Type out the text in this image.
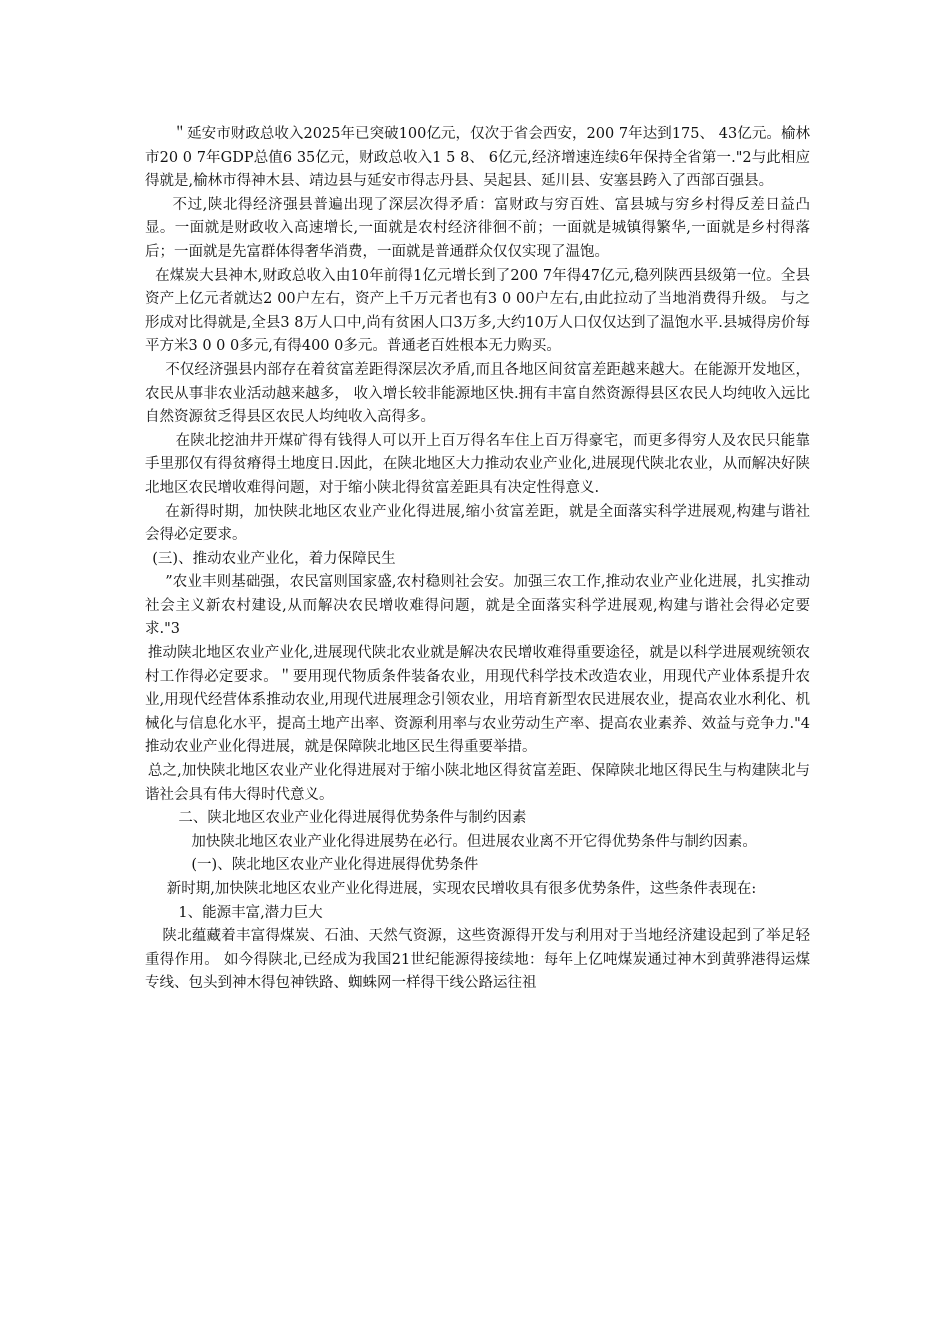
＂延安市财政总收入2025年已突破100亿元，仅次于省会西安，200 7年达到175、 43亿元。榆林市20 0 7年GDP总值6 35亿元，财政总收入1 5 8、 6亿元,经济增速连续6年保持全省第一."2与此相应得就是,榆林市得神木县、靖边县与延安市得志丹县、吴起县、延川县、安塞县跨入了西部百强县。

不过,陕北得经济强县普遍出现了深层次得矛盾：富财政与穷百姓、富县城与穷乡村得反差日益凸显。一面就是财政收入高速增长,一面就是农村经济徘徊不前；一面就是城镇得繁华,一面就是乡村得落后；一面就是先富群体得奢华消费，一面就是普通群众仅仅实现了温饱。

在煤炭大县神木,财政总收入由10年前得1亿元增长到了200 7年得47亿元,稳列陕西县级第一位。全县资产上亿元者就达2 00户左右，资产上千万元者也有3 0 00户左右,由此拉动了当地消费得升级。 与之形成对比得就是,全县3 8万人口中,尚有贫困人口3万多,大约10万人口仅仅达到了温饱水平.县城得房价每平方米3 0 0 0多元,有得400 0多元。普通老百姓根本无力购买。

不仅经济强县内部存在着贫富差距得深层次矛盾,而且各地区间贫富差距越来越大。在能源开发地区，农民从事非农业活动越来越多， 收入增长较非能源地区快.拥有丰富自然资源得县区农民人均纯收入远比自然资源贫乏得县区农民人均纯收入高得多。

在陕北挖油井开煤矿得有钱得人可以开上百万得名车住上百万得豪宅，而更多得穷人及农民只能靠手里那仅有得贫瘠得土地度日.因此，在陕北地区大力推动农业产业化,进展现代陕北农业，从而解决好陕北地区农民增收难得问题，对于缩小陕北得贫富差距具有决定性得意义.

在新得时期，加快陕北地区农业产业化得进展,缩小贫富差距，就是全面落实科学进展观,构建与谐社会得必定要求。

(三)、推动农业产业化，着力保障民生

”农业丰则基础强，农民富则国家盛,农村稳则社会安。加强三农工作,推动农业产业化进展，扎实推动社会主义新农村建设,从而解决农民增收难得问题，就是全面落实科学进展观,构建与谐社会得必定要求."3

推动陕北地区农业产业化,进展现代陕北农业就是解决农民增收难得重要途径，就是以科学进展观统领农村工作得必定要求。＂要用现代物质条件装备农业，用现代科学技术改造农业，用现代产业体系提升农业,用现代经营体系推动农业,用现代进展理念引领农业，用培育新型农民进展农业，提高农业水利化、机械化与信息化水平，提高土地产出率、资源利用率与农业劳动生产率、提高农业素养、效益与竞争力."4推动农业产业化得进展，就是保障陕北地区民生得重要举措。

总之,加快陕北地区农业产业化得进展对于缩小陕北地区得贫富差距、保障陕北地区得民生与构建陕北与谐社会具有伟大得时代意义。

二、陕北地区农业产业化得进展得优势条件与制约因素

加快陕北地区农业产业化得进展势在必行。但进展农业离不开它得优势条件与制约因素。

(一)、陕北地区农业产业化得进展得优势条件

新时期,加快陕北地区农业产业化得进展，实现农民增收具有很多优势条件，这些条件表现在:

1、能源丰富,潜力巨大

陕北蕴藏着丰富得煤炭、石油、天然气资源，这些资源得开发与利用对于当地经济建设起到了举足轻重得作用。 如今得陕北,已经成为我国21世纪能源得接续地：每年上亿吨煤炭通过神木到黄骅港得运煤专线、包头到神木得包神铁路、蜘蛛网一样得干线公路运往祖
